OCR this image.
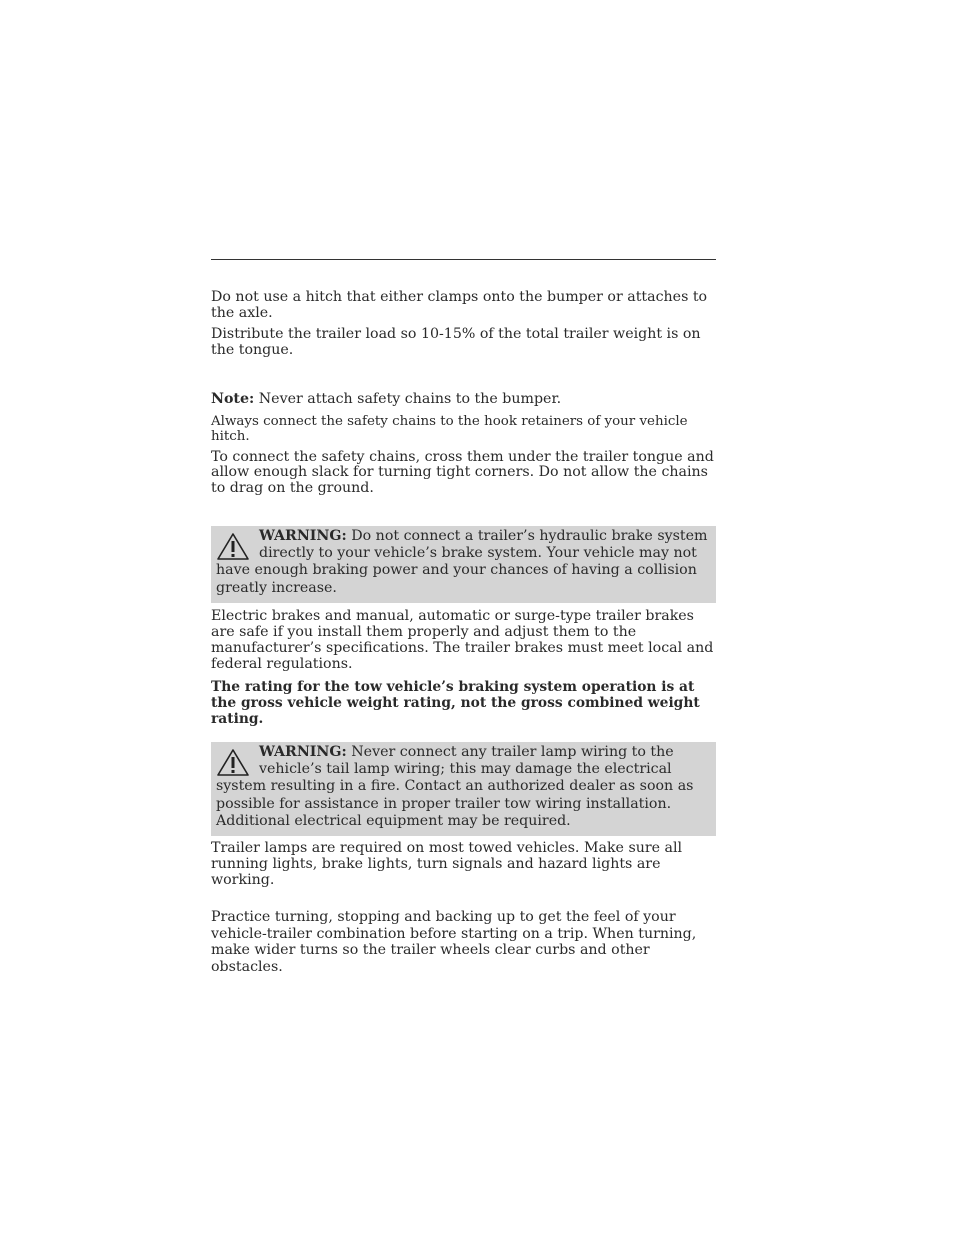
Do not use a hitch that either clamps onto the bumper or attaches to the axle.

Distribute the trailer load so 10-15% of the total trailer weight is on the tongue.

Note: Never attach safety chains to the bumper.

Always connect the safety chains to the hook retainers of your vehicle hitch.

To connect the safety chains, cross them under the trailer tongue and allow enough slack for turning tight corners. Do not allow the chains to drag on the ground.

WARNING: Do not connect a trailer’s hydraulic brake system directly to your vehicle’s brake system. Your vehicle may not have enough braking power and your chances of having a collision greatly increase.

Electric brakes and manual, automatic or surge-type trailer brakes are safe if you install them properly and adjust them to the manufacturer’s specifications. The trailer brakes must meet local and federal regulations.

The rating for the tow vehicle’s braking system operation is at the gross vehicle weight rating, not the gross combined weight rating.

WARNING: Never connect any trailer lamp wiring to the vehicle’s tail lamp wiring; this may damage the electrical system resulting in a fire. Contact an authorized dealer as soon as possible for assistance in proper trailer tow wiring installation. Additional electrical equipment may be required.

Trailer lamps are required on most towed vehicles. Make sure all running lights, brake lights, turn signals and hazard lights are working.

Practice turning, stopping and backing up to get the feel of your vehicle-trailer combination before starting on a trip. When turning, make wider turns so the trailer wheels clear curbs and other obstacles.
